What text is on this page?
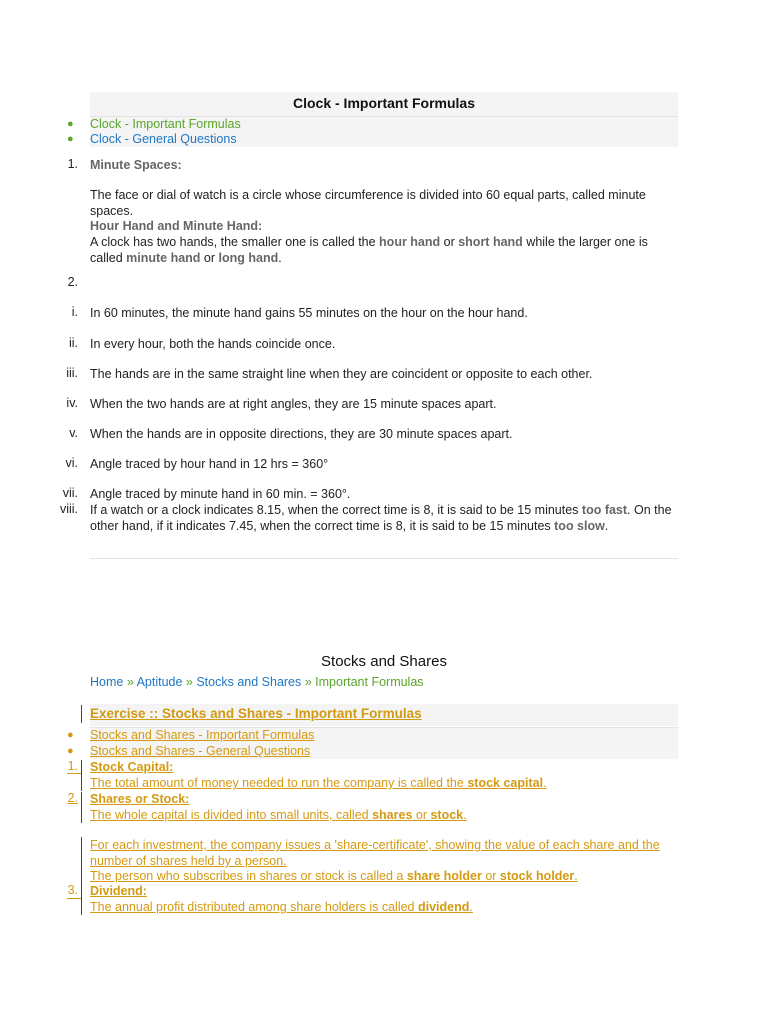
Clock - Important Formulas
● Clock - Important Formulas
● Clock - General Questions
1. Minute Spaces:
The face or dial of watch is a circle whose circumference is divided into 60 equal parts, called minute spaces.
Hour Hand and Minute Hand:
A clock has two hands, the smaller one is called the hour hand or short hand while the larger one is called minute hand or long hand.
2.
i. In 60 minutes, the minute hand gains 55 minutes on the hour on the hour hand.
ii. In every hour, both the hands coincide once.
iii. The hands are in the same straight line when they are coincident or opposite to each other.
iv. When the two hands are at right angles, they are 15 minute spaces apart.
v. When the hands are in opposite directions, they are 30 minute spaces apart.
vi. Angle traced by hour hand in 12 hrs = 360°
vii. Angle traced by minute hand in 60 min. = 360°.
viii. If a watch or a clock indicates 8.15, when the correct time is 8, it is said to be 15 minutes too fast. On the other hand, if it indicates 7.45, when the correct time is 8, it is said to be 15 minutes too slow.
Stocks and Shares
Home » Aptitude » Stocks and Shares » Important Formulas
Exercise :: Stocks and Shares - Important Formulas
● Stocks and Shares - Important Formulas
● Stocks and Shares - General Questions
1. Stock Capital:
The total amount of money needed to run the company is called the stock capital.
2. Shares or Stock:
The whole capital is divided into small units, called shares or stock.
For each investment, the company issues a 'share-certificate', showing the value of each share and the number of shares held by a person.
The person who subscribes in shares or stock is called a share holder or stock holder.
3. Dividend:
The annual profit distributed among share holders is called dividend.
